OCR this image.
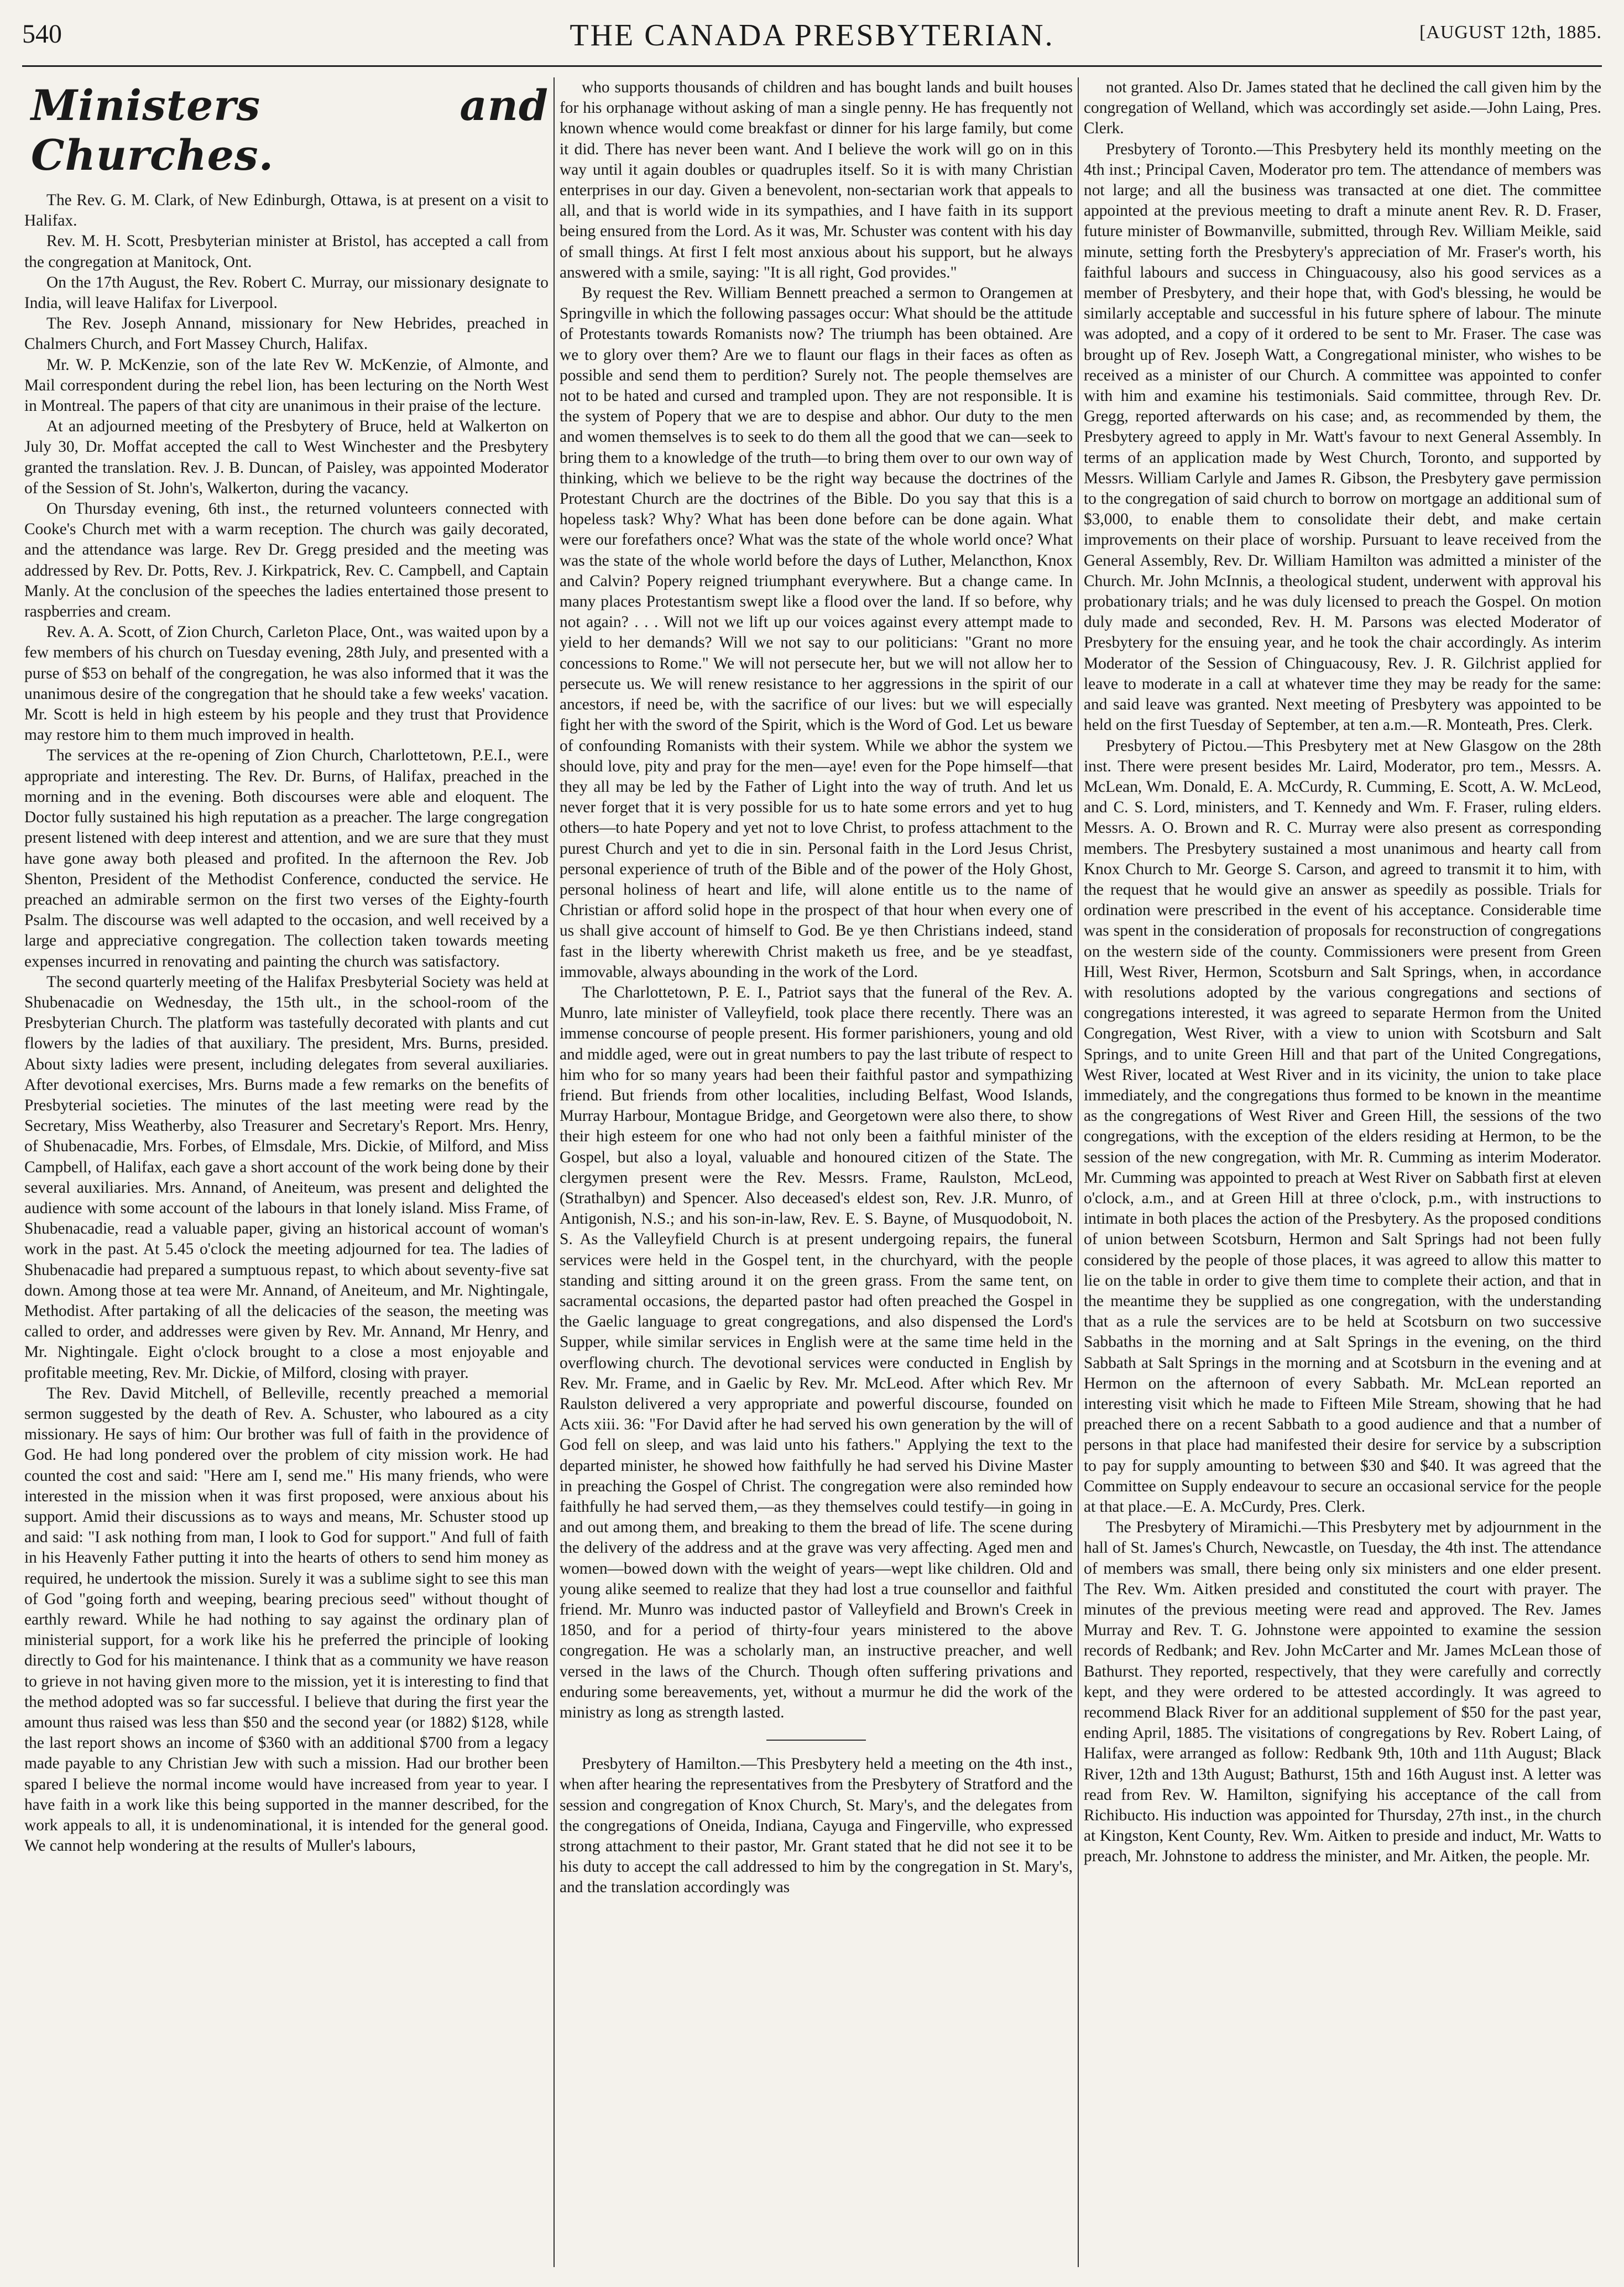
540	THE CANADA PRESBYTERIAN.	[AUGUST 12th, 1885.
Ministers and Churches.

The Rev. G. M. Clark, of New Edinburgh, Ottawa, is at present on a visit to Halifax.

Rev. M. H. Scott, Presbyterian minister at Bristol, has accepted a call from the congregation at Manitock, Ont.

On the 17th August, the Rev. Robert C. Murray, our missionary designate to India, will leave Halifax for Liverpool.

The Rev. Joseph Annand, missionary for New Hebrides, preached in Chalmers Church, and Fort Massey Church, Halifax.

Mr. W. P. McKenzie, son of the late Rev W. McKenzie, of Almonte, and Mail correspondent during the rebel lion, has been lecturing on the North West in Montreal. The papers of that city are unanimous in their praise of the lecture.

At an adjourned meeting of the Presbytery of Bruce, held at Walkerton on July 30, Dr. Moffat accepted the call to West Winchester and the Presbytery granted the translation. Rev. J. B. Duncan, of Paisley, was appointed Moderator of the Session of St. John's, Walkerton, during the vacancy.

On Thursday evening, 6th inst., the returned volunteers connected with Cooke's Church met with a warm reception. The church was gaily decorated, and the attendance was large. Rev Dr. Gregg presided and the meeting was addressed by Rev. Dr. Potts, Rev. J. Kirkpatrick, Rev. C. Campbell, and Captain Manly. At the conclusion of the speeches the ladies entertained those present to raspberries and cream.

Rev. A. A. Scott, of Zion Church, Carleton Place, Ont., was waited upon by a few members of his church on Tuesday evening, 28th July, and presented with a purse of $53 on behalf of the congregation, he was also informed that it was the unanimous desire of the congregation that he should take a few weeks' vacation. Mr. Scott is held in high esteem by his people and they trust that Providence may restore him to them much improved in health.

The services at the re-opening of Zion Church, Charlottetown, P.E.I., were appropriate and interesting. The Rev. Dr. Burns, of Halifax, preached in the morning and in the evening. Both discourses were able and eloquent. The Doctor fully sustained his high reputation as a preacher. The large congregation present listened with deep interest and attention, and we are sure that they must have gone away both pleased and profited. In the afternoon the Rev. Job Shenton, President of the Methodist Conference, conducted the service. He preached an admirable sermon on the first two verses of the Eighty-fourth Psalm. The discourse was well adapted to the occasion, and well received by a large and appreciative congregation. The collection taken towards meeting expenses incurred in renovating and painting the church was satisfactory.

The second quarterly meeting of the Halifax Presbyterial Society was held at Shubenacadie on Wednesday, the 15th ult., in the school-room of the Presbyterian Church. The platform was tastefully decorated with plants and cut flowers by the ladies of that auxiliary. The president, Mrs. Burns, presided. About sixty ladies were present, including delegates from several auxiliaries. After devotional exercises, Mrs. Burns made a few remarks on the benefits of Presbyterial societies. The minutes of the last meeting were read by the Secretary, Miss Weatherby, also Treasurer and Secretary's Report. Mrs. Henry, of Shubenacadie, Mrs. Forbes, of Elmsdale, Mrs. Dickie, of Milford, and Miss Campbell, of Halifax, each gave a short account of the work being done by their several auxiliaries. Mrs. Annand, of Aneiteum, was present and delighted the audience with some account of the labours in that lonely island. Miss Frame, of Shubenacadie, read a valuable paper, giving an historical account of woman's work in the past. At 5.45 o'clock the meeting adjourned for tea. The ladies of Shubenacadie had prepared a sumptuous repast, to which about seventy-five sat down. Among those at tea were Mr. Annand, of Aneiteum, and Mr. Nightingale, Methodist. After partaking of all the delicacies of the season, the meeting was called to order, and addresses were given by Rev. Mr. Annand, Mr Henry, and Mr. Nightingale. Eight o'clock brought to a close a most enjoyable and profitable meeting, Rev. Mr. Dickie, of Milford, closing with prayer.

The Rev. David Mitchell, of Belleville, recently preached a memorial sermon suggested by the death of Rev. A. Schuster, who laboured as a city missionary. He says of him: Our brother was full of faith in the providence of God. He had long pondered over the problem of city mission work. He had counted the cost and said: "Here am I, send me." His many friends, who were interested in the mission when it was first proposed, were anxious about his support. Amid their discussions as to ways and means, Mr. Schuster stood up and said: "I ask nothing from man, I look to God for support." And full of faith in his Heavenly Father putting it into the hearts of others to send him money as required, he undertook the mission. Surely it was a sublime sight to see this man of God "going forth and weeping, bearing precious seed" without thought of earthly reward. While he had nothing to say against the ordinary plan of ministerial support, for a work like his he preferred the principle of looking directly to God for his maintenance. I think that as a community we have reason to grieve in not having given more to the mission, yet it is interesting to find that the method adopted was so far successful. I believe that during the first year the amount thus raised was less than $50 and the second year (or 1882) $128, while the last report shows an income of $360 with an additional $700 from a legacy made payable to any Christian Jew with such a mission. Had our brother been spared I believe the normal income would have increased from year to year. I have faith in a work like this being supported in the manner described, for the work appeals to all, it is undenominational, it is intended for the general good. We cannot help wondering at the results of Muller's labours,

who supports thousands of children and has bought lands and built houses for his orphanage without asking of man a single penny. He has frequently not known whence would come breakfast or dinner for his large family, but come it did. There has never been want. And I believe the work will go on in this way until it again doubles or quadruples itself. So it is with many Christian enterprises in our day. Given a benevolent, non-sectarian work that appeals to all, and that is world wide in its sympathies, and I have faith in its support being ensured from the Lord. As it was, Mr. Schuster was content with his day of small things. At first I felt most anxious about his support, but he always answered with a smile, saying: "It is all right, God provides."

By request the Rev. William Bennett preached a sermon to Orangemen at Springville in which the following passages occur: What should be the attitude of Protestants towards Romanists now? The triumph has been obtained. Are we to glory over them? Are we to flaunt our flags in their faces as often as possible and send them to perdition? Surely not. The people themselves are not to be hated and cursed and trampled upon. They are not responsible. It is the system of Popery that we are to despise and abhor. Our duty to the men and women themselves is to seek to do them all the good that we can—seek to bring them to a knowledge of the truth—to bring them over to our own way of thinking, which we believe to be the right way because the doctrines of the Protestant Church are the doctrines of the Bible. Do you say that this is a hopeless task? Why? What has been done before can be done again. What were our forefathers once? What was the state of the whole world once? What was the state of the whole world before the days of Luther, Melancthon, Knox and Calvin? Popery reigned triumphant everywhere. But a change came. In many places Protestantism swept like a flood over the land. If so before, why not again? . . . Will not we lift up our voices against every attempt made to yield to her demands? Will we not say to our politicians: "Grant no more concessions to Rome." We will not persecute her, but we will not allow her to persecute us. We will renew resistance to her aggressions in the spirit of our ancestors, if need be, with the sacrifice of our lives: but we will especially fight her with the sword of the Spirit, which is the Word of God. Let us beware of confounding Romanists with their system. While we abhor the system we should love, pity and pray for the men—aye! even for the Pope himself—that they all may be led by the Father of Light into the way of truth. And let us never forget that it is very possible for us to hate some errors and yet to hug others—to hate Popery and yet not to love Christ, to profess attachment to the purest Church and yet to die in sin. Personal faith in the Lord Jesus Christ, personal experience of truth of the Bible and of the power of the Holy Ghost, personal holiness of heart and life, will alone entitle us to the name of Christian or afford solid hope in the prospect of that hour when every one of us shall give account of himself to God. Be ye then Christians indeed, stand fast in the liberty wherewith Christ maketh us free, and be ye steadfast, immovable, always abounding in the work of the Lord.

The Charlottetown, P. E. I., Patriot says that the funeral of the Rev. A. Munro, late minister of Valleyfield, took place there recently. There was an immense concourse of people present. His former parishioners, young and old and middle aged, were out in great numbers to pay the last tribute of respect to him who for so many years had been their faithful pastor and sympathizing friend. But friends from other localities, including Belfast, Wood Islands, Murray Harbour, Montague Bridge, and Georgetown were also there, to show their high esteem for one who had not only been a faithful minister of the Gospel, but also a loyal, valuable and honoured citizen of the State. The clergymen present were the Rev. Messrs. Frame, Raulston, McLeod, (Strathalbyn) and Spencer. Also deceased's eldest son, Rev. J.R. Munro, of Antigonish, N.S.; and his son-in-law, Rev. E. S. Bayne, of Musquodoboit, N. S. As the Valleyfield Church is at present undergoing repairs, the funeral services were held in the Gospel tent, in the churchyard, with the people standing and sitting around it on the green grass. From the same tent, on sacramental occasions, the departed pastor had often preached the Gospel in the Gaelic language to great congregations, and also dispensed the Lord's Supper, while similar services in English were at the same time held in the overflowing church. The devotional services were conducted in English by Rev. Mr. Frame, and in Gaelic by Rev. Mr. McLeod. After which Rev. Mr Raulston delivered a very appropriate and powerful discourse, founded on Acts xiii. 36: "For David after he had served his own generation by the will of God fell on sleep, and was laid unto his fathers." Applying the text to the departed minister, he showed how faithfully he had served his Divine Master in preaching the Gospel of Christ. The congregation were also reminded how faithfully he had served them,—as they themselves could testify—in going in and out among them, and breaking to them the bread of life. The scene during the delivery of the address and at the grave was very affecting. Aged men and women—bowed down with the weight of years—wept like children. Old and young alike seemed to realize that they had lost a true counsellor and faithful friend. Mr. Munro was inducted pastor of Valleyfield and Brown's Creek in 1850, and for a period of thirty-four years ministered to the above congregation. He was a scholarly man, an instructive preacher, and well versed in the laws of the Church. Though often suffering privations and enduring some bereavements, yet, without a murmur he did the work of the ministry as long as strength lasted.

Presbytery of Hamilton.—This Presbytery held a meeting on the 4th inst., when after hearing the representatives from the Presbytery of Stratford and the session and congregation of Knox Church, St. Mary's, and the delegates from the congregations of Oneida, Indiana, Cayuga and Fingerville, who expressed strong attachment to their pastor, Mr. Grant stated that he did not see it to be his duty to accept the call addressed to him by the congregation in St. Mary's, and the translation accordingly was

not granted. Also Dr. James stated that he declined the call given him by the congregation of Welland, which was accordingly set aside.—John Laing, Pres. Clerk.

Presbytery of Toronto.—This Presbytery held its monthly meeting on the 4th inst.; Principal Caven, Moderator pro tem. The attendance of members was not large; and all the business was transacted at one diet. The committee appointed at the previous meeting to draft a minute anent Rev. R. D. Fraser, future minister of Bowmanville, submitted, through Rev. William Meikle, said minute, setting forth the Presbytery's appreciation of Mr. Fraser's worth, his faithful labours and success in Chinguacousy, also his good services as a member of Presbytery, and their hope that, with God's blessing, he would be similarly acceptable and successful in his future sphere of labour. The minute was adopted, and a copy of it ordered to be sent to Mr. Fraser. The case was brought up of Rev. Joseph Watt, a Congregational minister, who wishes to be received as a minister of our Church. A committee was appointed to confer with him and examine his testimonials. Said committee, through Rev. Dr. Gregg, reported afterwards on his case; and, as recommended by them, the Presbytery agreed to apply in Mr. Watt's favour to next General Assembly. In terms of an application made by West Church, Toronto, and supported by Messrs. William Carlyle and James R. Gibson, the Presbytery gave permission to the congregation of said church to borrow on mortgage an additional sum of $3,000, to enable them to consolidate their debt, and make certain improvements on their place of worship. Pursuant to leave received from the General Assembly, Rev. Dr. William Hamilton was admitted a minister of the Church. Mr. John McInnis, a theological student, underwent with approval his probationary trials; and he was duly licensed to preach the Gospel. On motion duly made and seconded, Rev. H. M. Parsons was elected Moderator of Presbytery for the ensuing year, and he took the chair accordingly. As interim Moderator of the Session of Chinguacousy, Rev. J. R. Gilchrist applied for leave to moderate in a call at whatever time they may be ready for the same: and said leave was granted. Next meeting of Presbytery was appointed to be held on the first Tuesday of September, at ten a.m.—R. Monteath, Pres. Clerk.

Presbytery of Pictou.—This Presbytery met at New Glasgow on the 28th inst. There were present besides Mr. Laird, Moderator, pro tem., Messrs. A. McLean, Wm. Donald, E. A. McCurdy, R. Cumming, E. Scott, A. W. McLeod, and C. S. Lord, ministers, and T. Kennedy and Wm. F. Fraser, ruling elders. Messrs. A. O. Brown and R. C. Murray were also present as corresponding members. The Presbytery sustained a most unanimous and hearty call from Knox Church to Mr. George S. Carson, and agreed to transmit it to him, with the request that he would give an answer as speedily as possible. Trials for ordination were prescribed in the event of his acceptance. Considerable time was spent in the consideration of proposals for reconstruction of congregations on the western side of the county. Commissioners were present from Green Hill, West River, Hermon, Scotsburn and Salt Springs, when, in accordance with resolutions adopted by the various congregations and sections of congregations interested, it was agreed to separate Hermon from the United Congregation, West River, with a view to union with Scotsburn and Salt Springs, and to unite Green Hill and that part of the United Congregations, West River, located at West River and in its vicinity, the union to take place immediately, and the congregations thus formed to be known in the meantime as the congregations of West River and Green Hill, the sessions of the two congregations, with the exception of the elders residing at Hermon, to be the session of the new congregation, with Mr. R. Cumming as interim Moderator. Mr. Cumming was appointed to preach at West River on Sabbath first at eleven o'clock, a.m., and at Green Hill at three o'clock, p.m., with instructions to intimate in both places the action of the Presbytery. As the proposed conditions of union between Scotsburn, Hermon and Salt Springs had not been fully considered by the people of those places, it was agreed to allow this matter to lie on the table in order to give them time to complete their action, and that in the meantime they be supplied as one congregation, with the understanding that as a rule the services are to be held at Scotsburn on two successive Sabbaths in the morning and at Salt Springs in the evening, on the third Sabbath at Salt Springs in the morning and at Scotsburn in the evening and at Hermon on the afternoon of every Sabbath. Mr. McLean reported an interesting visit which he made to Fifteen Mile Stream, showing that he had preached there on a recent Sabbath to a good audience and that a number of persons in that place had manifested their desire for service by a subscription to pay for supply amounting to between $30 and $40. It was agreed that the Committee on Supply endeavour to secure an occasional service for the people at that place.—E. A. McCurdy, Pres. Clerk.

The Presbytery of Miramichi.—This Presbytery met by adjournment in the hall of St. James's Church, Newcastle, on Tuesday, the 4th inst. The attendance of members was small, there being only six ministers and one elder present. The Rev. Wm. Aitken presided and constituted the court with prayer. The minutes of the previous meeting were read and approved. The Rev. James Murray and Rev. T. G. Johnstone were appointed to examine the session records of Redbank; and Rev. John McCarter and Mr. James McLean those of Bathurst. They reported, respectively, that they were carefully and correctly kept, and they were ordered to be attested accordingly. It was agreed to recommend Black River for an additional supplement of $50 for the past year, ending April, 1885. The visitations of congregations by Rev. Robert Laing, of Halifax, were arranged as follow: Redbank 9th, 10th and 11th August; Black River, 12th and 13th August; Bathurst, 15th and 16th August inst. A letter was read from Rev. W. Hamilton, signifying his acceptance of the call from Richibucto. His induction was appointed for Thursday, 27th inst., in the church at Kingston, Kent County, Rev. Wm. Aitken to preside and induct, Mr. Watts to preach, Mr. Johnstone to address the minister, and Mr. Aitken, the people. Mr.
